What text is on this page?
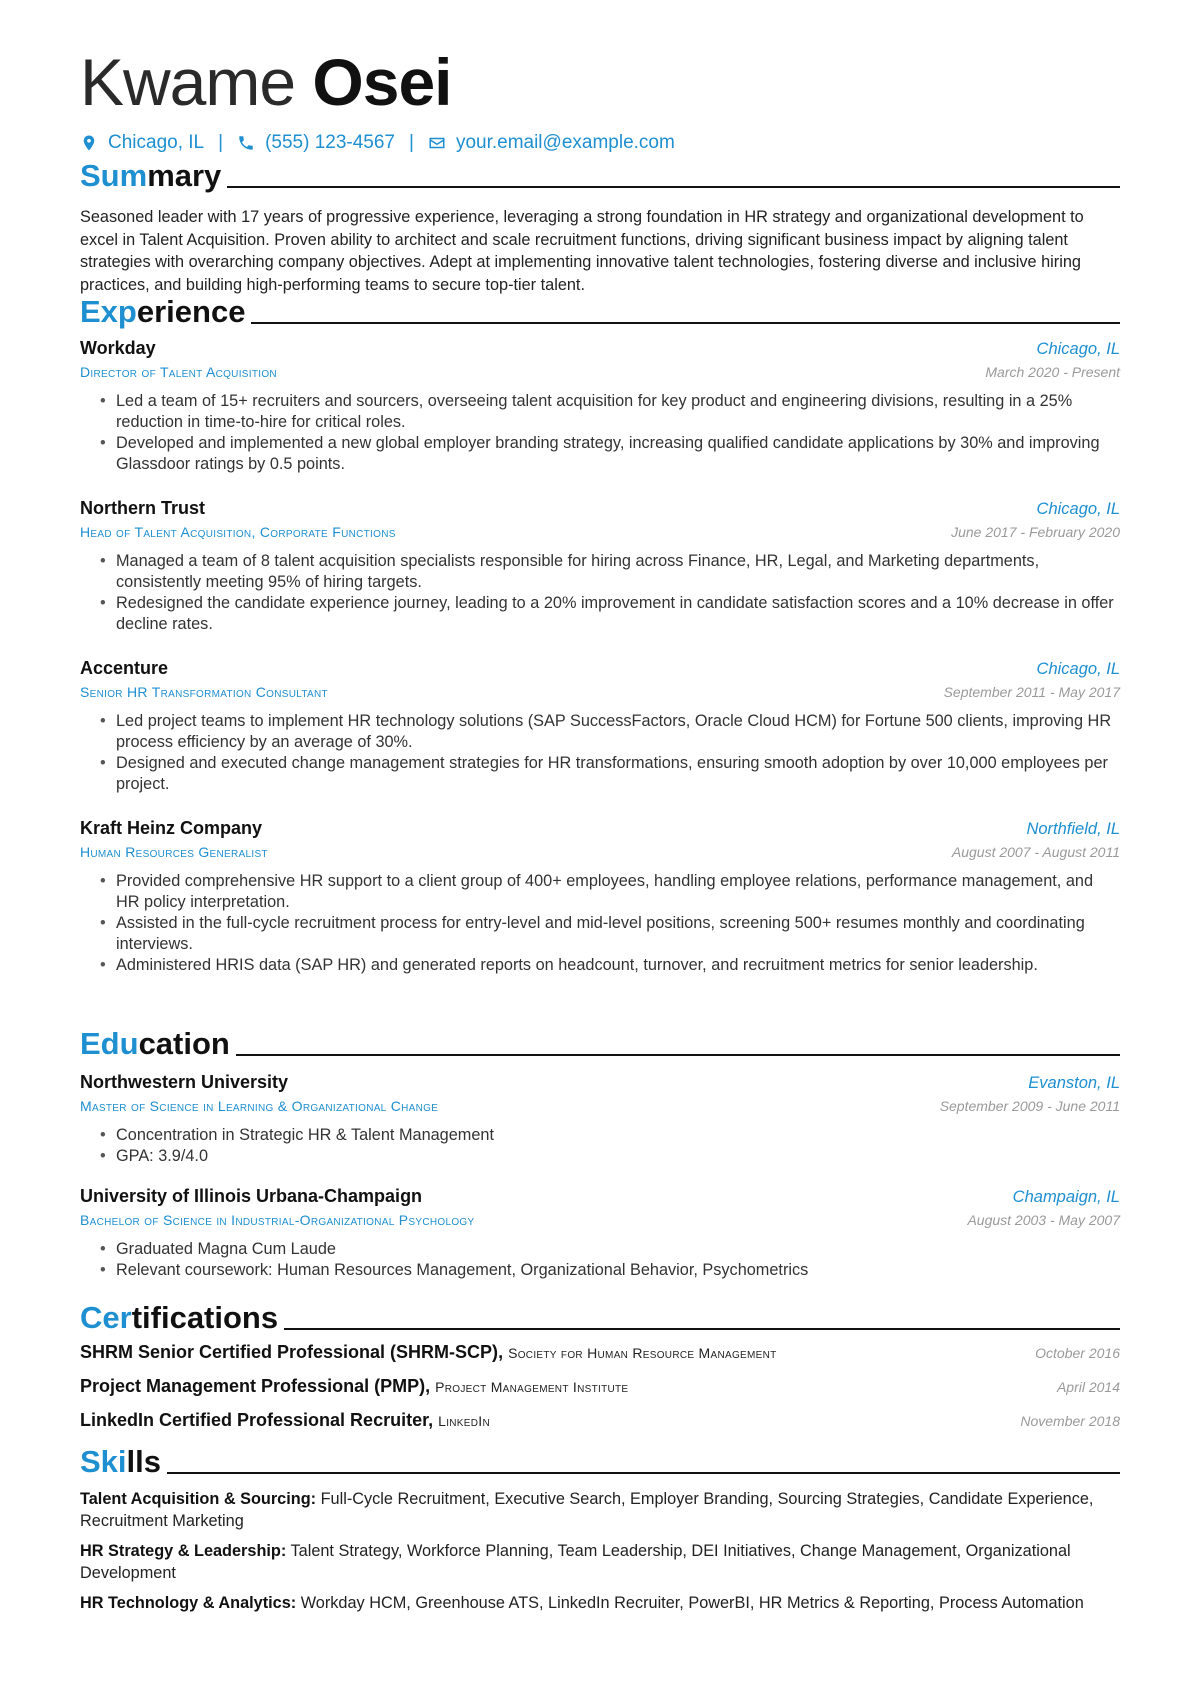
Kwame Osei
Chicago, IL | (555) 123-4567 | your.email@example.com
Summary
Seasoned leader with 17 years of progressive experience, leveraging a strong foundation in HR strategy and organizational development to excel in Talent Acquisition. Proven ability to architect and scale recruitment functions, driving significant business impact by aligning talent strategies with overarching company objectives. Adept at implementing innovative talent technologies, fostering diverse and inclusive hiring practices, and building high-performing teams to secure top-tier talent.
Experience
Workday	Chicago, IL
Director of Talent Acquisition	March 2020 - Present
• Led a team of 15+ recruiters and sourcers, overseeing talent acquisition for key product and engineering divisions, resulting in a 25% reduction in time-to-hire for critical roles.
• Developed and implemented a new global employer branding strategy, increasing qualified candidate applications by 30% and improving Glassdoor ratings by 0.5 points.
Northern Trust	Chicago, IL
Head of Talent Acquisition, Corporate Functions	June 2017 - February 2020
• Managed a team of 8 talent acquisition specialists responsible for hiring across Finance, HR, Legal, and Marketing departments, consistently meeting 95% of hiring targets.
• Redesigned the candidate experience journey, leading to a 20% improvement in candidate satisfaction scores and a 10% decrease in offer decline rates.
Accenture	Chicago, IL
Senior HR Transformation Consultant	September 2011 - May 2017
• Led project teams to implement HR technology solutions (SAP SuccessFactors, Oracle Cloud HCM) for Fortune 500 clients, improving HR process efficiency by an average of 30%.
• Designed and executed change management strategies for HR transformations, ensuring smooth adoption by over 10,000 employees per project.
Kraft Heinz Company	Northfield, IL
Human Resources Generalist	August 2007 - August 2011
• Provided comprehensive HR support to a client group of 400+ employees, handling employee relations, performance management, and HR policy interpretation.
• Assisted in the full-cycle recruitment process for entry-level and mid-level positions, screening 500+ resumes monthly and coordinating interviews.
• Administered HRIS data (SAP HR) and generated reports on headcount, turnover, and recruitment metrics for senior leadership.
Education
Northwestern University	Evanston, IL
Master of Science in Learning & Organizational Change	September 2009 - June 2011
• Concentration in Strategic HR & Talent Management
• GPA: 3.9/4.0
University of Illinois Urbana-Champaign	Champaign, IL
Bachelor of Science in Industrial-Organizational Psychology	August 2003 - May 2007
• Graduated Magna Cum Laude
• Relevant coursework: Human Resources Management, Organizational Behavior, Psychometrics
Certifications
SHRM Senior Certified Professional (SHRM-SCP), Society for Human Resource Management	October 2016
Project Management Professional (PMP), Project Management Institute	April 2014
LinkedIn Certified Professional Recruiter, LinkedIn	November 2018
Skills
Talent Acquisition & Sourcing: Full-Cycle Recruitment, Executive Search, Employer Branding, Sourcing Strategies, Candidate Experience, Recruitment Marketing
HR Strategy & Leadership: Talent Strategy, Workforce Planning, Team Leadership, DEI Initiatives, Change Management, Organizational Development
HR Technology & Analytics: Workday HCM, Greenhouse ATS, LinkedIn Recruiter, PowerBI, HR Metrics & Reporting, Process Automation
